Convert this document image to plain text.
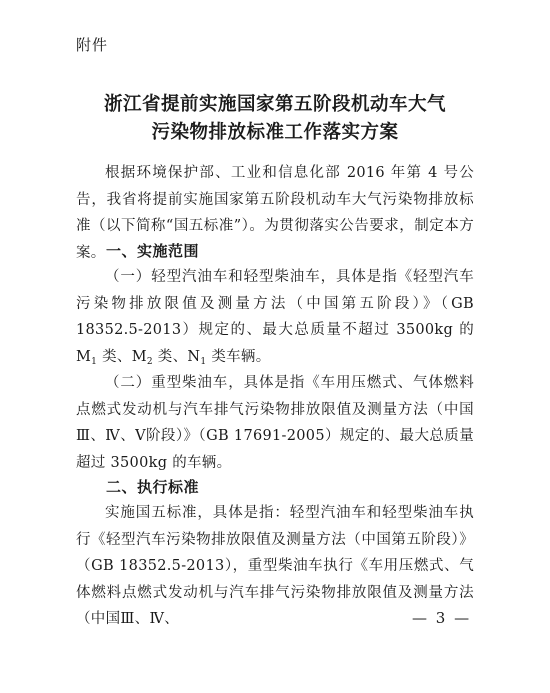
附件
浙江省提前实施国家第五阶段机动车大气
污染物排放标准工作落实方案
根据环境保护部、工业和信息化部 2016 年第 4 号公告，我省将提前实施国家第五阶段机动车大气污染物排放标准（以下简称“国五标准”）。为贯彻落实公告要求，制定本方案。 一、实施范围
（一）轻型汽油车和轻型柴油车，具体是指《轻型汽车污染物排放限值及测量方法（中国第五阶段）》（GB 18352.5-2013）规定的、最大总质量不超过 3500kg 的 $M_1$ 类、$M_2$ 类、$N_1$ 类车辆。
（二）重型柴油车，具体是指《车用压燃式、气体燃料点燃式发动机与汽车排气污染物排放限值及测量方法（中国Ⅲ、Ⅳ、Ⅴ阶段）》（GB 17691-2005）规定的、最大总质量超过 3500kg 的车辆。
二、执行标准
实施国五标准，具体是指：轻型汽油车和轻型柴油车执行《轻型汽车污染物排放限值及测量方法（中国第五阶段）》（GB 18352.5-2013），重型柴油车执行《车用压燃式、气体燃料点燃式发动机与汽车排气污染物排放限值及测量方法（中国Ⅲ、Ⅳ、	— 3 —
